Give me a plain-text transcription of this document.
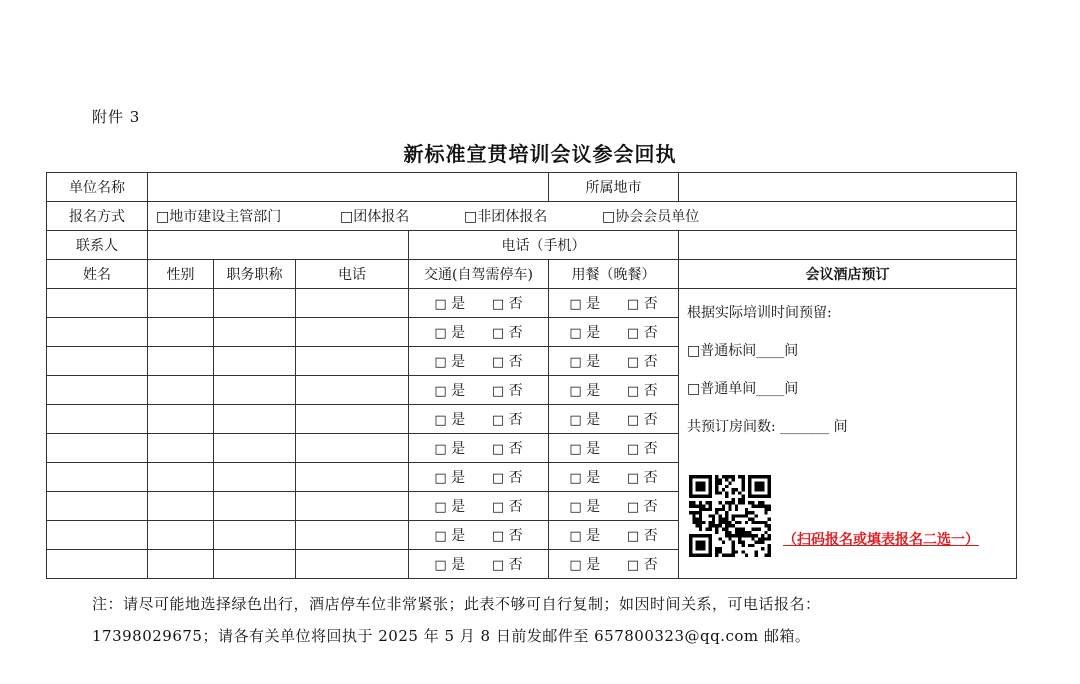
附件 3
新标准宣贯培训会议参会回执
单位名称					所属地市	
报名方式	□地市建设主管部门 □团体报名 □非团体报名 □协会会员单位					
联系人				电话（手机）		
姓名	性别	职务职称	电话	交通(自驾需停车)	用餐（晚餐）	会议酒店预订
				□ 是 □ 否	□ 是 □ 否	根据实际培训时间预留:
□普通标间____间
□普通单间____间
共预订房间数: _______ 间
（扫码报名或填表报名二选一）

				□ 是 □ 否	□ 是 □ 否	
				□ 是 □ 否	□ 是 □ 否	
				□ 是 □ 否	□ 是 □ 否	
				□ 是 □ 否	□ 是 □ 否	
				□ 是 □ 否	□ 是 □ 否	
				□ 是 □ 否	□ 是 □ 否	
				□ 是 □ 否	□ 是 □ 否	
				□ 是 □ 否	□ 是 □ 否	
				□ 是 □ 否	□ 是 □ 否	
注：请尽可能地选择绿色出行，酒店停车位非常紧张；此表不够可自行复制；如因时间关系，可电话报名：
17398029675；请各有关单位将回执于 2025 年 5 月 8 日前发邮件至 657800323@qq.com 邮箱。
